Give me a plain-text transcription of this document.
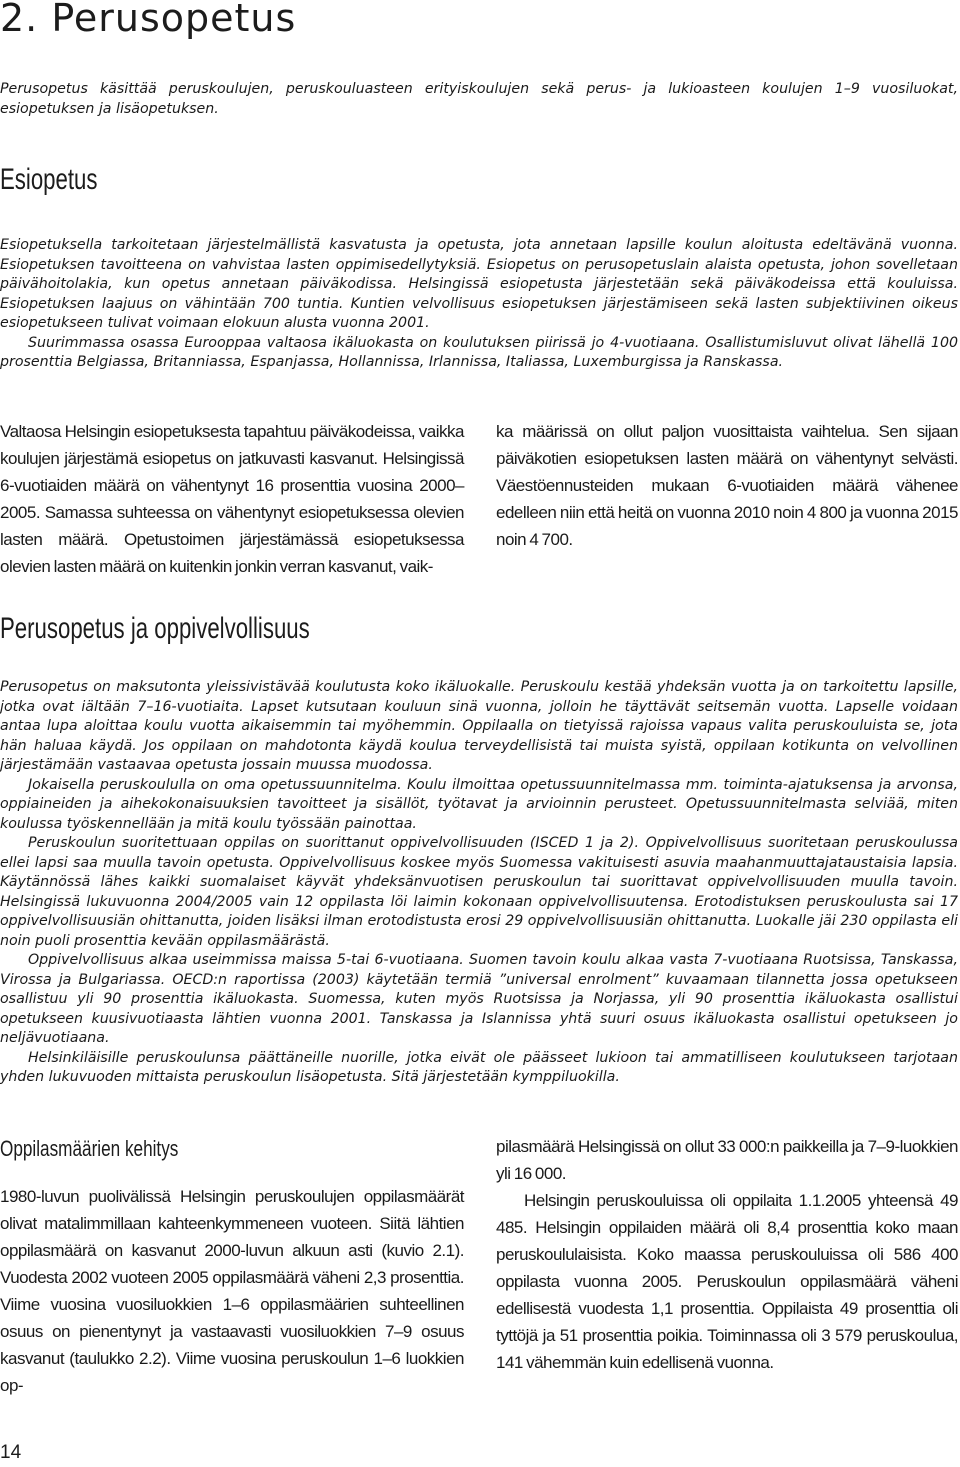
2. Perusopetus

Perusopetus käsittää peruskoulujen, peruskouluasteen erityiskoulujen sekä perus- ja lukioasteen koulujen 1–9 vuosiluokat, esiopetuksen ja lisäopetuksen.

Esiopetus

Esiopetuksella tarkoitetaan järjestelmällistä kasvatusta ja opetusta, jota annetaan lapsille koulun aloitusta edeltävänä vuonna. Esiopetuksen tavoitteena on vahvistaa lasten oppimisedellytyksiä. Esiopetus on perusopetuslain alaista opetusta, johon sovelletaan päivähoitolakia, kun opetus annetaan päiväkodissa. Helsingissä esiopetusta järjestetään sekä päiväkodeissa että kouluissa. Esiopetuksen laajuus on vähintään 700 tuntia. Kuntien velvollisuus esiopetuksen järjestämiseen sekä lasten subjektiivinen oikeus esiopetukseen tulivat voimaan elokuun alusta vuonna 2001.

Suurimmassa osassa Eurooppaa valtaosa ikäluokasta on koulutuksen piirissä jo 4-vuotiaana. Osallistumisluvut olivat lähellä 100 prosenttia Belgiassa, Britanniassa, Espanjassa, Hollannissa, Irlannissa, Italiassa, Luxemburgissa ja Ranskassa.

Valtaosa Helsingin esiopetuksesta tapahtuu päiväkodeissa, vaikka koulujen järjestämä esiopetus on jatkuvasti kasvanut. Helsingissä 6-vuotiaiden määrä on vähentynyt 16 prosenttia vuosina 2000–2005. Samassa suhteessa on vähentynyt esiopetuksessa olevien lasten määrä. Opetustoimen järjestämässä esiopetuksessa olevien lasten määrä on kuitenkin jonkin verran kasvanut, vaik-

ka määrissä on ollut paljon vuosittaista vaihtelua. Sen sijaan päiväkotien esiopetuksen lasten määrä on vähentynyt selvästi. Väestöennusteiden mukaan 6-vuotiaiden määrä vähenee edelleen niin että heitä on vuonna 2010 noin 4 800 ja vuonna 2015 noin 4 700.

Perusopetus ja oppivelvollisuus

Perusopetus on maksutonta yleissivistävää koulutusta koko ikäluokalle. Peruskoulu kestää yhdeksän vuotta ja on tarkoitettu lapsille, jotka ovat iältään 7–16-vuotiaita. Lapset kutsutaan kouluun sinä vuonna, jolloin he täyttävät seitsemän vuotta. Lapselle voidaan antaa lupa aloittaa koulu vuotta aikaisemmin tai myöhemmin. Oppilaalla on tietyissä rajoissa vapaus valita peruskouluista se, jota hän haluaa käydä. Jos oppilaan on mahdotonta käydä koulua terveydellisistä tai muista syistä, oppilaan kotikunta on velvollinen järjestämään vastaavaa opetusta jossain muussa muodossa.

Jokaisella peruskoululla on oma opetussuunnitelma. Koulu ilmoittaa opetussuunnitelmassa mm. toiminta-ajatuksensa ja arvonsa, oppiaineiden ja aihekokonaisuuksien tavoitteet ja sisällöt, työtavat ja arvioinnin perusteet. Opetussuunnitelmasta selviää, miten koulussa työskennellään ja mitä koulu työssään painottaa.

Peruskoulun suoritettuaan oppilas on suorittanut oppivelvollisuuden (ISCED 1 ja 2). Oppivelvollisuus suoritetaan peruskoulussa ellei lapsi saa muulla tavoin opetusta. Oppivelvollisuus koskee myös Suomessa vakituisesti asuvia maahanmuuttajataustaisia lapsia. Käytännössä lähes kaikki suomalaiset käyvät yhdeksänvuotisen peruskoulun tai suorittavat oppivelvollisuuden muulla tavoin. Helsingissä lukuvuonna 2004/2005 vain 12 oppilasta löi laimin kokonaan oppivelvollisuutensa. Erotodistuksen peruskoulusta sai 17 oppivelvollisuusiän ohittanutta, joiden lisäksi ilman erotodistusta erosi 29 oppivelvollisuusiän ohittanutta. Luokalle jäi 230 oppilasta eli noin puoli prosenttia kevään oppilasmäärästä.

Oppivelvollisuus alkaa useimmissa maissa 5-tai 6-vuotiaana. Suomen tavoin koulu alkaa vasta 7-vuotiaana Ruotsissa, Tanskassa, Virossa ja Bulgariassa. OECD:n raportissa (2003) käytetään termiä ”universal enrolment” kuvaamaan tilannetta jossa opetukseen osallistuu yli 90 prosenttia ikäluokasta. Suomessa, kuten myös Ruotsissa ja Norjassa, yli 90 prosenttia ikäluokasta osallistui opetukseen kuusivuotiaasta lähtien vuonna 2001. Tanskassa ja Islannissa yhtä suuri osuus ikäluokasta osallistui opetukseen jo neljävuotiaana.

Helsinkiläisille peruskoulunsa päättäneille nuorille, jotka eivät ole päässeet lukioon tai ammatilliseen koulutukseen tarjotaan yhden lukuvuoden mittaista peruskoulun lisäopetusta. Sitä järjestetään kymppiluokilla.

Oppilasmäärien kehitys

1980-luvun puolivälissä Helsingin peruskoulujen oppilasmäärät olivat matalimmillaan kahteenkymmeneen vuoteen. Siitä lähtien oppilasmäärä on kasvanut 2000-luvun alkuun asti (kuvio 2.1). Vuodesta 2002 vuoteen 2005 oppilasmäärä väheni 2,3 prosenttia. Viime vuosina vuosiluokkien 1–6 oppilasmäärien suhteellinen osuus on pienentynyt ja vastaavasti vuosiluokkien 7–9 osuus kasvanut (taulukko 2.2). Viime vuosina peruskoulun 1–6 luokkien op-

pilasmäärä Helsingissä on ollut 33 000:n paikkeilla ja 7–9-luokkien yli 16 000.

Helsingin peruskouluissa oli oppilaita 1.1.2005 yhteensä 49 485. Helsingin oppilaiden määrä oli 8,4 prosenttia koko maan peruskoululaisista. Koko maassa peruskouluissa oli 586 400 oppilasta vuonna 2005. Peruskoulun oppilasmäärä väheni edellisestä vuodesta 1,1 prosenttia. Oppilaista 49 prosenttia oli tyttöjä ja 51 prosenttia poikia. Toiminnassa oli 3 579 peruskoulua, 141 vähemmän kuin edellisenä vuonna.

14
